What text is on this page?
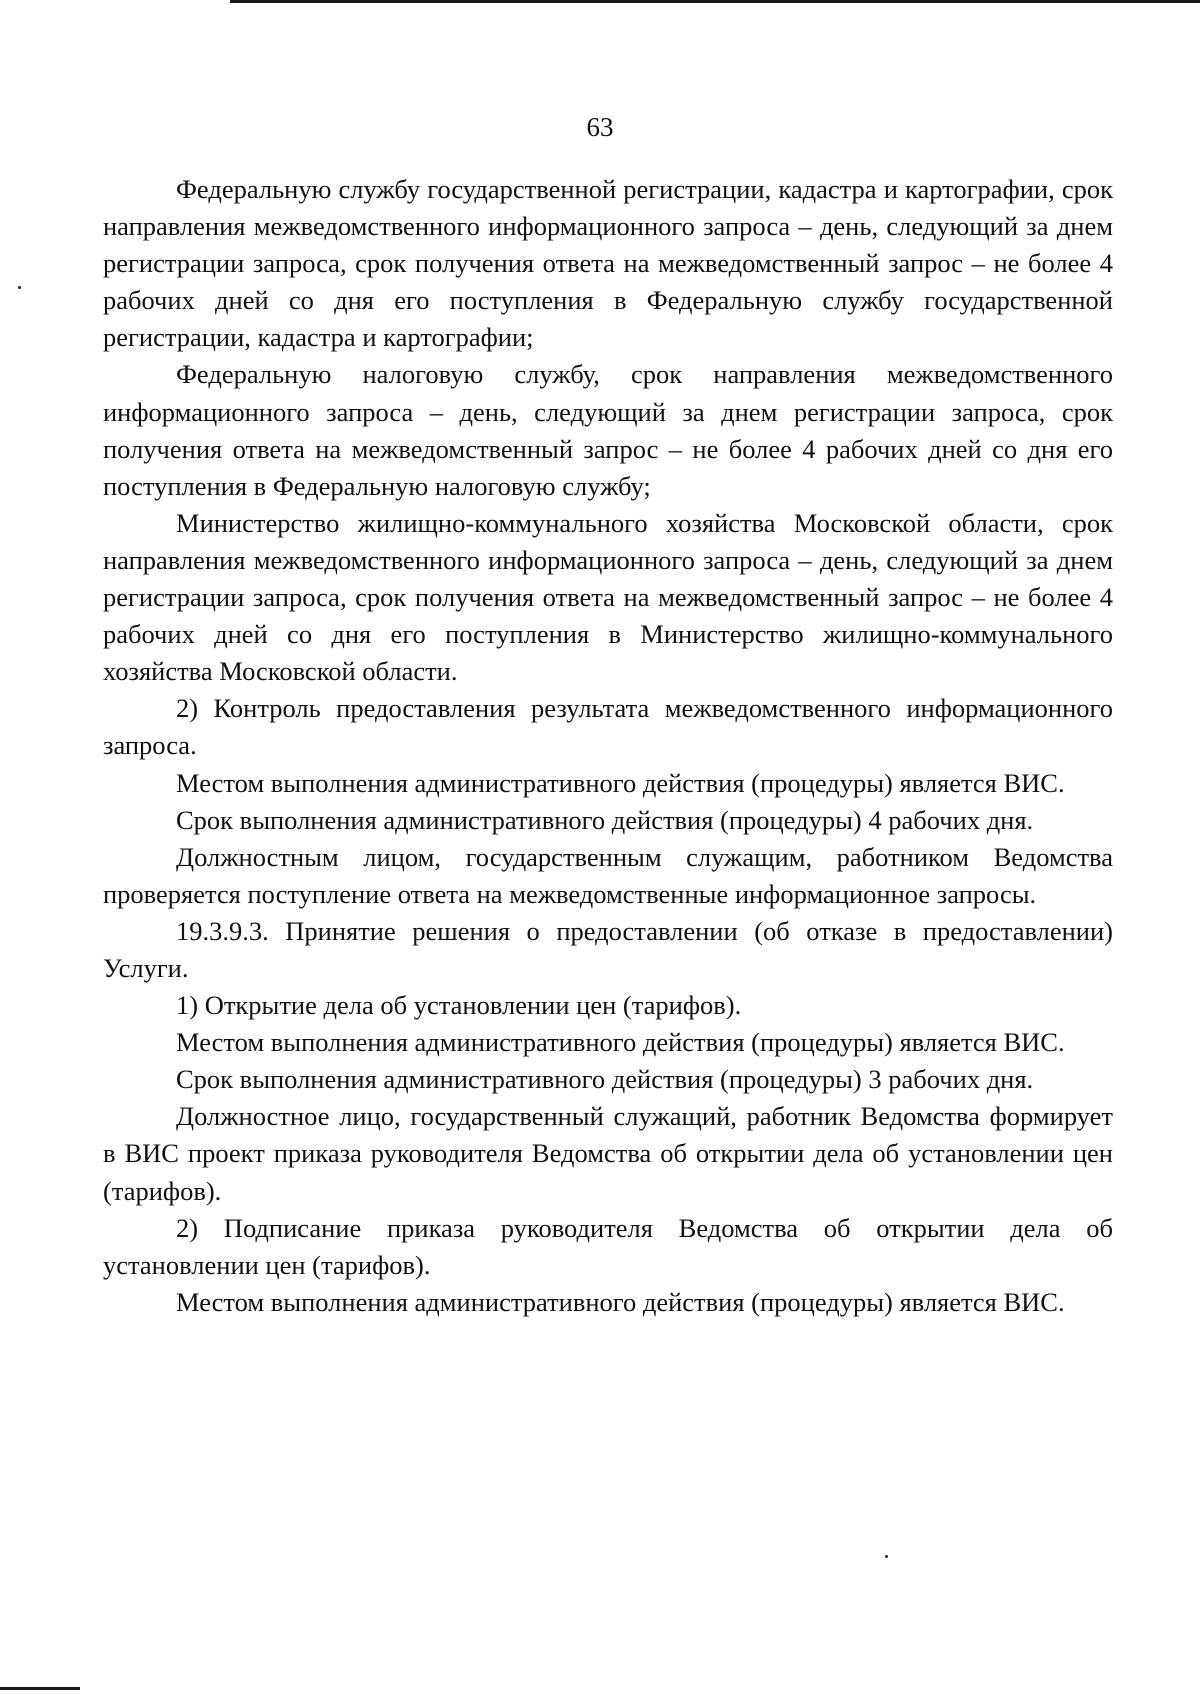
63

Федеральную службу государственной регистрации, кадастра и картографии, срок направления межведомственного информационного запроса – день, следующий за днем регистрации запроса, срок получения ответа на межведомственный запрос – не более 4 рабочих дней со дня его поступления в Федеральную службу государственной регистрации, кадастра и картографии;

Федеральную налоговую службу, срок направления межведомственного информационного запроса – день, следующий за днем регистрации запроса, срок получения ответа на межведомственный запрос – не более 4 рабочих дней со дня его поступления в Федеральную налоговую службу;

Министерство жилищно-коммунального хозяйства Московской области, срок направления межведомственного информационного запроса – день, следующий за днем регистрации запроса, срок получения ответа на межведомственный запрос – не более 4 рабочих дней со дня его поступления в Министерство жилищно-коммунального хозяйства Московской области.

2) Контроль предоставления результата межведомственного информационного запроса.

Местом выполнения административного действия (процедуры) является ВИС.

Срок выполнения административного действия (процедуры) 4 рабочих дня.

Должностным лицом, государственным служащим, работником Ведомства проверяется поступление ответа на межведомственные информационное запросы.

19.3.9.3. Принятие решения о предоставлении (об отказе в предоставлении) Услуги.

1) Открытие дела об установлении цен (тарифов).

Местом выполнения административного действия (процедуры) является ВИС.

Срок выполнения административного действия (процедуры) 3 рабочих дня.

Должностное лицо, государственный служащий, работник Ведомства формирует в ВИС проект приказа руководителя Ведомства об открытии дела об установлении цен (тарифов).

2) Подписание приказа руководителя Ведомства об открытии дела об установлении цен (тарифов).

Местом выполнения административного действия (процедуры) является ВИС.
